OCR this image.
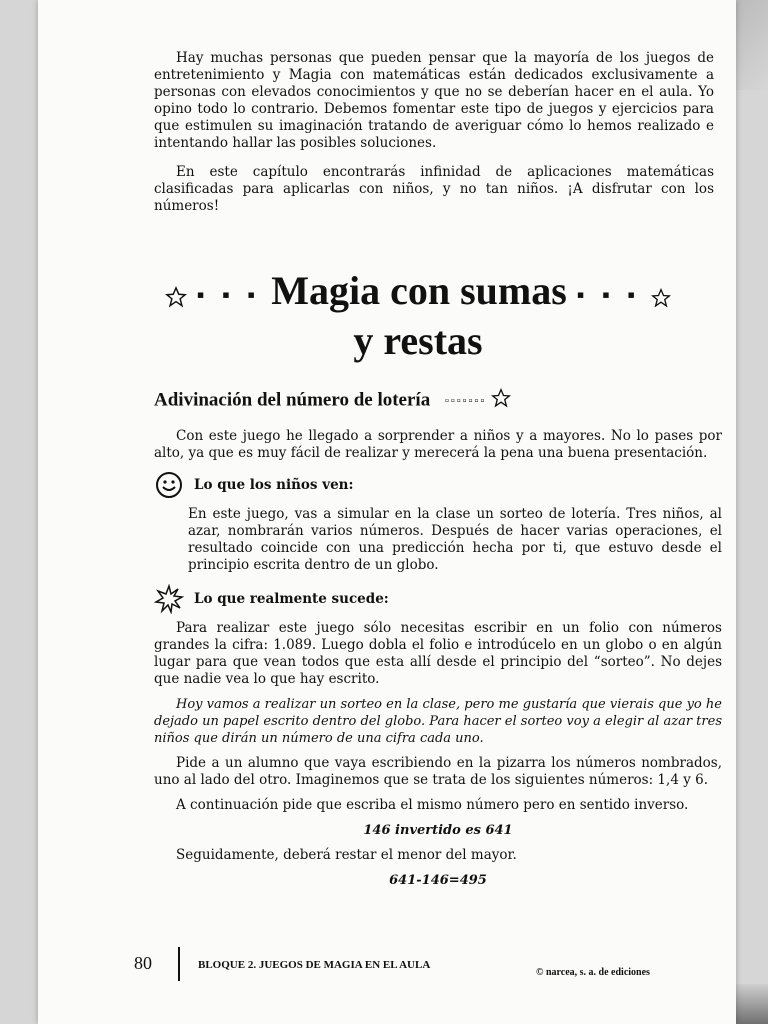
Hay muchas personas que pueden pensar que la mayoría de los juegos de entretenimiento y Magia con matemáticas están dedicados exclusivamente a personas con elevados conocimientos y que no se deberían hacer en el aula. Yo opino todo lo contrario. Debemos fomentar este tipo de juegos y ejercicios para que estimulen su imaginación tratando de averiguar cómo lo hemos realizado e intentando hallar las posibles soluciones.

En este capítulo encontrarás infinidad de aplicaciones matemáticas clasificadas para aplicarlas con niños, y no tan niños. ¡A disfrutar con los números!

▪ ▪ ▪ Magia con sumas ▪ ▪ ▪
y restas
Adivinación del número de lotería ▫▫▫▫▫▫▫

Con este juego he llegado a sorprender a niños y a mayores. No lo pases por alto, ya que es muy fácil de realizar y merecerá la pena una buena presentación.

Lo que los niños ven:

En este juego, vas a simular en la clase un sorteo de lotería. Tres niños, al azar, nombrarán varios números. Después de hacer varias operaciones, el resultado coincide con una predicción hecha por ti, que estuvo desde el principio escrita dentro de un globo.

Lo que realmente sucede:

Para realizar este juego sólo necesitas escribir en un folio con números grandes la cifra: 1.089. Luego dobla el folio e introdúcelo en un globo o en algún lugar para que vean todos que esta allí desde el principio del “sorteo”. No dejes que nadie vea lo que hay escrito.

Hoy vamos a realizar un sorteo en la clase, pero me gustaría que vierais que yo he dejado un papel escrito dentro del globo. Para hacer el sorteo voy a elegir al azar tres niños que dirán un número de una cifra cada uno.

Pide a un alumno que vaya escribiendo en la pizarra los números nombrados, uno al lado del otro. Imaginemos que se trata de los siguientes números: 1,4 y 6.

A continuación pide que escriba el mismo número pero en sentido inverso.

146 invertido es 641

Seguidamente, deberá restar el menor del mayor.

641-146=495

80	BLOQUE 2. JUEGOS DE MAGIA EN EL AULA
© narcea, s. a. de ediciones
